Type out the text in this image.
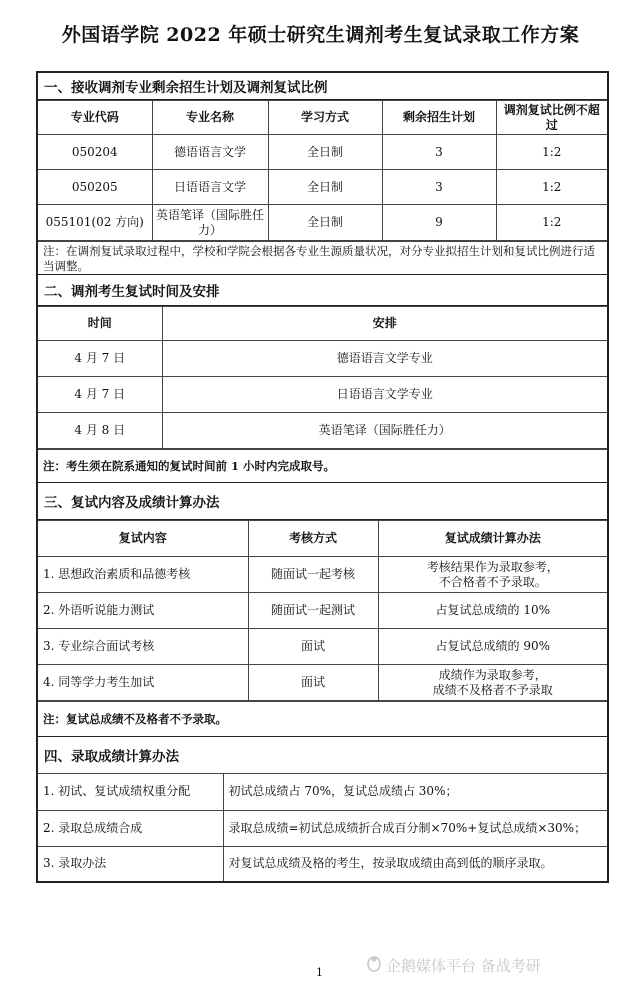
外国语学院 2022 年硕士研究生调剂考生复试录取工作方案
一、接收调剂专业剩余招生计划及调剂复试比例
专业代码	专业名称	学习方式	剩余招生计划	调剂复试比例不超过
050204	德语语言文学	全日制	3	1:2
050205	日语语言文学	全日制	3	1:2
055101(02 方向)	英语笔译（国际胜任力）	全日制	9	1:2
注：在调剂复试录取过程中，学校和学院会根据各专业生源质量状况，对分专业拟招生计划和复试比例进行适当调整。
二、调剂考生复试时间及安排
时间	安排
4 月 7 日	德语语言文学专业
4 月 7 日	日语语言文学专业
4 月 8 日	英语笔译（国际胜任力）
注：考生须在院系通知的复试时间前 1 小时内完成取号。
三、复试内容及成绩计算办法
复试内容	考核方式	复试成绩计算办法
1. 思想政治素质和品德考核	随面试一起考核	考核结果作为录取参考，
不合格者不予录取。
2. 外语听说能力测试	随面试一起测试	占复试总成绩的 10%
3. 专业综合面试考核	面试	占复试总成绩的 90%
4. 同等学力考生加试	面试	成绩作为录取参考，
成绩不及格者不予录取
注：复试总成绩不及格者不予录取。
四、录取成绩计算办法
1. 初试、复试成绩权重分配	初试总成绩占 70%，复试总成绩占 30%；
2. 录取总成绩合成	录取总成绩=初试总成绩折合成百分制×70%+复试总成绩×30%；
3. 录取办法	对复试总成绩及格的考生，按录取成绩由高到低的顺序录取。
1	企鹅媒体平台 备战考研
